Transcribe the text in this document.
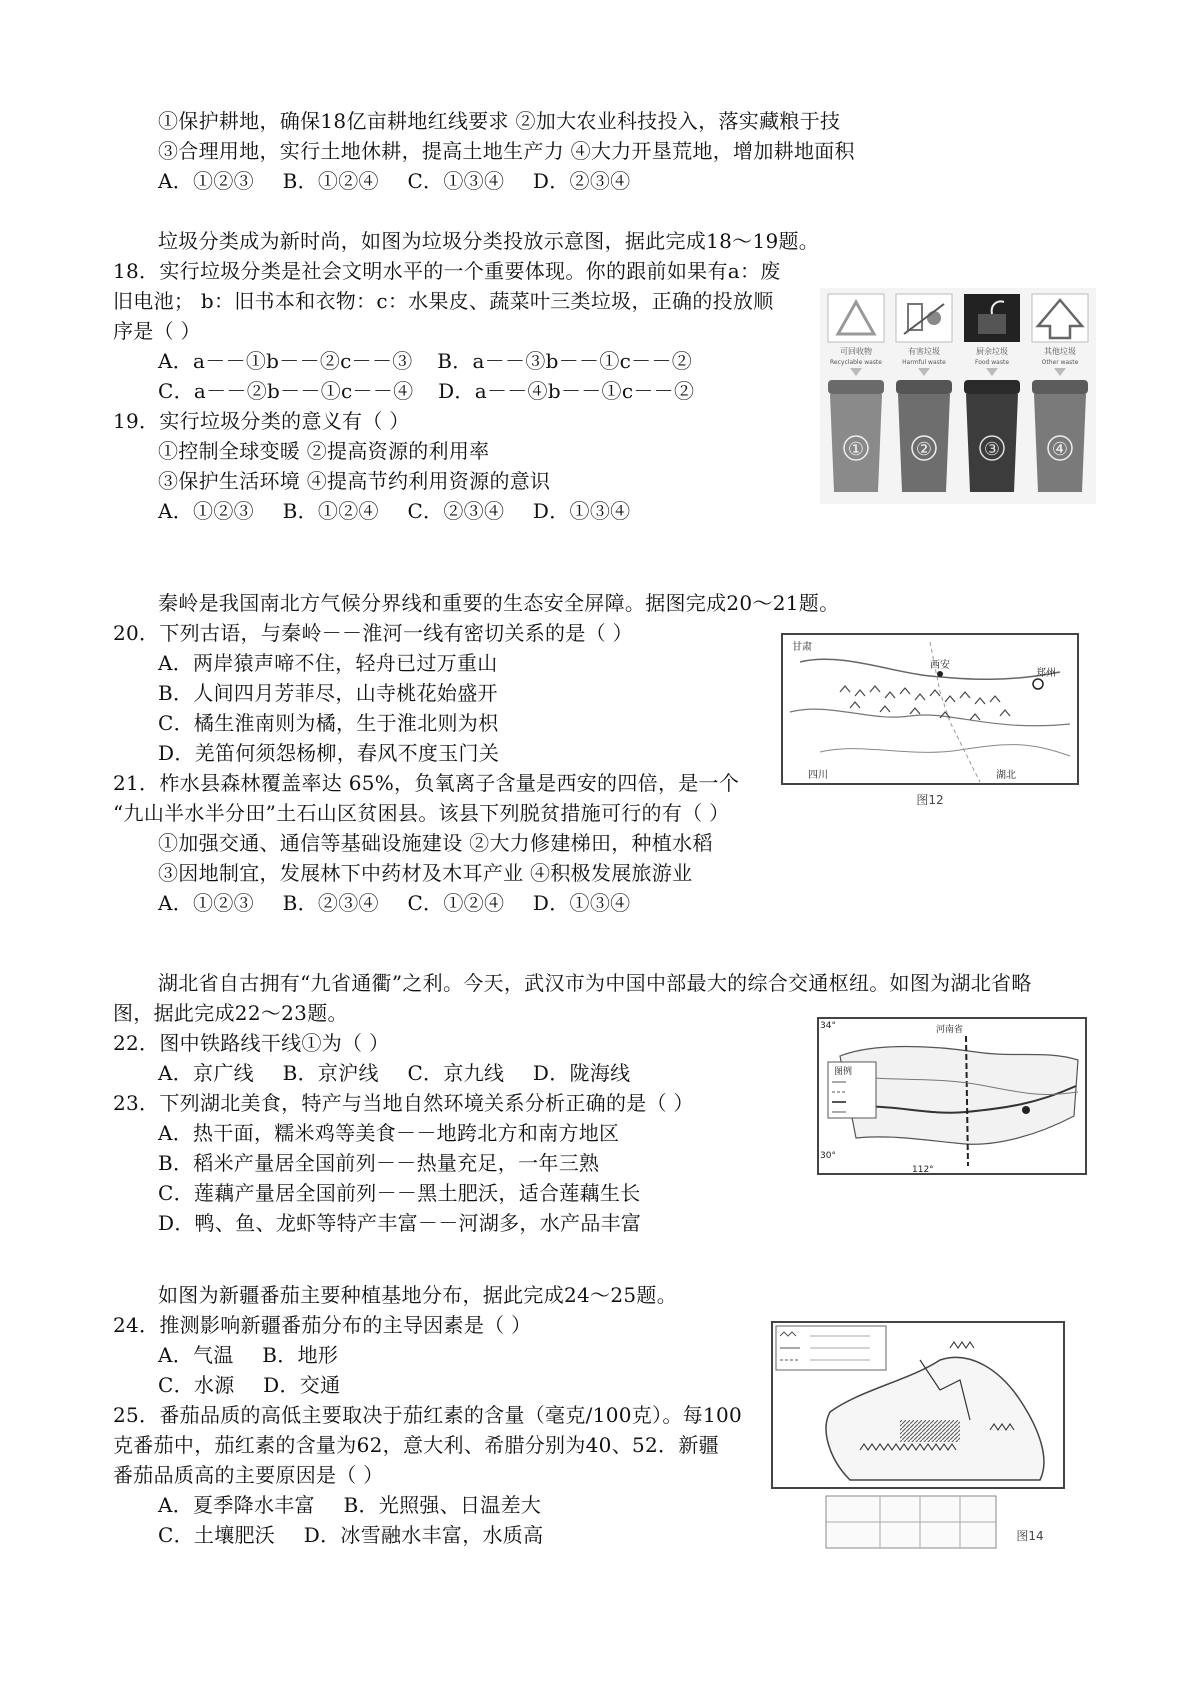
①保护耕地，确保18亿亩耕地红线要求 ②加大农业科技投入，落实藏粮于技
③合理用地，实行土地休耕，提高土地生产力 ④大力开垦荒地，增加耕地面积
A．①②③ B．①②④ C．①③④ D．②③④
垃圾分类成为新时尚，如图为垃圾分类投放示意图，据此完成18～19题。
18．实行垃圾分类是社会文明水平的一个重要体现。你的跟前如果有a：废
旧电池； b：旧书本和衣物：c：水果皮、蔬菜叶三类垃圾，正确的投放顺
序是（ ）
A．a－－①b－－②c－－③ B．a－－③b－－①c－－②
C．a－－②b－－①c－－④ D．a－－④b－－①c－－②
19．实行垃圾分类的意义有（ ）
①控制全球变暖 ②提高资源的利用率
③保护生活环境 ④提高节约利用资源的意识
A．①②③ B．①②④ C．②③④ D．①③④
可回收物
Recyclable waste
有害垃圾
Harmful waste
厨余垃圾
Food waste
其他垃圾
Other waste
①	②	③	④
秦岭是我国南北方气候分界线和重要的生态安全屏障。据图完成20～21题。
20．下列古语，与秦岭－－淮河一线有密切关系的是（ ）
A．两岸猿声啼不住，轻舟已过万重山
B．人间四月芳菲尽，山寺桃花始盛开
C．橘生淮南则为橘，生于淮北则为枳
D．羌笛何须怨杨柳，春风不度玉门关
21．柞水县森林覆盖率达 65%，负氧离子含量是西安的四倍，是一个
“九山半水半分田”土石山区贫困县。该县下列脱贫措施可行的有（ ）
①加强交通、通信等基础设施建设 ②大力修建梯田，种植水稻
③因地制宜，发展林下中药材及木耳产业 ④积极发展旅游业
A．①②③ B．②③④ C．①②④ D．①③④
甘肃
西安
郑州
四川	湖北
图12
湖北省自古拥有“九省通衢”之利。今天，武汉市为中国中部最大的综合交通枢纽。如图为湖北省略
图，据此完成22～23题。
22．图中铁路线干线①为（ ）
A．京广线 B．京沪线 C．京九线 D．陇海线
23．下列湖北美食，特产与当地自然环境关系分析正确的是（ ）
A．热干面，糯米鸡等美食－－地跨北方和南方地区
B．稻米产量居全国前列－－热量充足，一年三熟
C．莲藕产量居全国前列－－黑土肥沃，适合莲藕生长
D．鸭、鱼、龙虾等特产丰富－－河湖多，水产品丰富
34°
30°
112°
河南省
图例
如图为新疆番茄主要种植基地分布，据此完成24～25题。
24．推测影响新疆番茄分布的主导因素是（ ）
A．气温 B．地形
C．水源 D．交通
25．番茄品质的高低主要取决于茄红素的含量（毫克/100克）。每100
克番茄中，茄红素的含量为62，意大利、希腊分别为40、52．新疆
番茄品质高的主要原因是（ ）
A．夏季降水丰富 B．光照强、日温差大
C．土壤肥沃 D．冰雪融水丰富，水质高	图14
